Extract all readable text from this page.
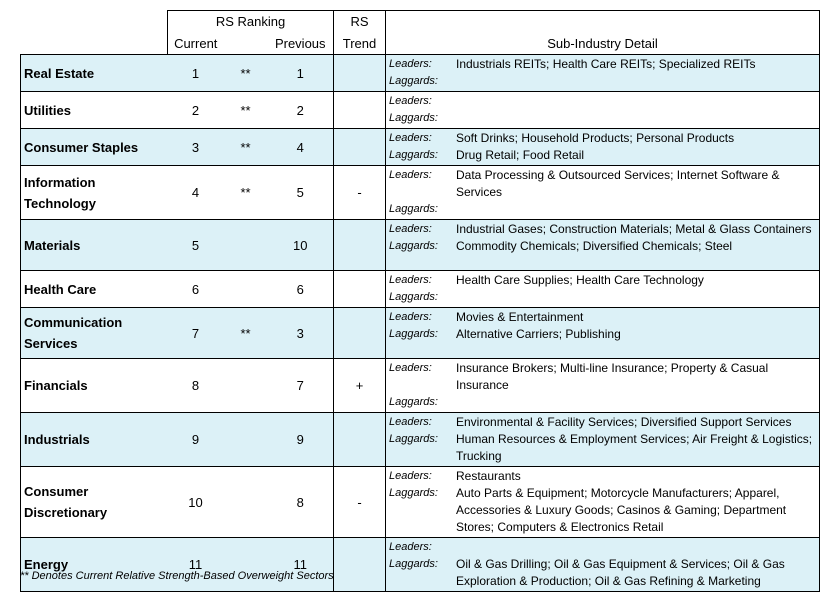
	RS Ranking			RS	
	Current		Previous	Trend	Sub-Industry Detail
Real Estate	1	**	1		Leaders: Industrials REITs; Health Care REITs; Specialized REITs
Laggards:

Utilities	2	**	2		Leaders:
Laggards:

Consumer Staples	3	**	4		Leaders: Soft Drinks; Household Products; Personal Products
Laggards: Drug Retail; Food Retail

Information Technology	4	**	5	-	Leaders: Data Processing & Outsourced Services; Internet Software & Services
Laggards:

Materials	5		10		Leaders: Industrial Gases; Construction Materials; Metal & Glass Containers
Laggards: Commodity Chemicals; Diversified Chemicals; Steel

Health Care	6		6		Leaders: Health Care Supplies; Health Care Technology
Laggards:

Communication Services	7	**	3		Leaders: Movies & Entertainment
Laggards: Alternative Carriers; Publishing

Financials	8		7	+	Leaders: Insurance Brokers; Multi-line Insurance; Property & Casual Insurance
Laggards:

Industrials	9		9		Leaders: Environmental & Facility Services; Diversified Support Services
Laggards: Human Resources & Employment Services; Air Freight & Logistics; Trucking

Consumer Discretionary	10		8	-	Leaders: Restaurants
Laggards: Auto Parts & Equipment; Motorcycle Manufacturers; Apparel, Accessories & Luxury Goods; Casinos & Gaming; Department Stores; Computers & Electronics Retail

Energy	11		11		Leaders:
Laggards: Oil & Gas Drilling; Oil & Gas Equipment & Services; Oil & Gas Exploration & Production; Oil & Gas Refining & Marketing
** Denotes Current Relative Strength-Based Overweight Sectors
